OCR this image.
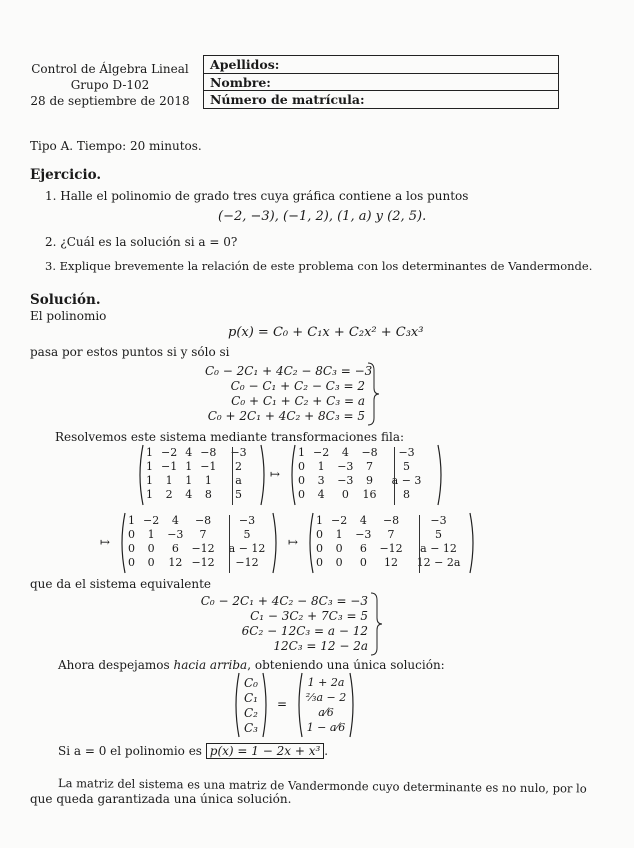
Control de Álgebra Lineal
Grupo D-102
28 de septiembre de 2018
Apellidos:
Nombre:
Número de matrícula:
Tipo A. Tiempo: 20 minutos.
Ejercicio.
1. Halle el polinomio de grado tres cuya gráfica contiene a los puntos
(−2, −3), (−1, 2), (1, a) y (2, 5).
2. ¿Cuál es la solución si a = 0?
3. Explique brevemente la relación de este problema con los determinantes de Vandermonde.
Solución.
El polinomio
p(x) = C₀ + C₁x + C₂x² + C₃x³
pasa por estos puntos si y sólo si
C₀ − 2C₁ + 4C₂ − 8C₃ = −3
C₀ − C₁ + C₂ − C₃ = 2
C₀ + C₁ + C₂ + C₃ = a
C₀ + 2C₁ + 4C₂ + 8C₃ = 5
Resolvemos este sistema mediante transformaciones fila:
1	−2	4	−8	−3
1	−1	1	−1	2
1	1	1	1	a
1	2	4	8	5
↦
1	−2	4	−8	−3
0	1	−3	7	5
0	3	−3	9	a − 3
0	4	0	16	8
↦
1	−2	4	−8	−3
0	1	−3	7	5
0	0	6	−12	a − 12
0	0	12	−12	−12
↦
1	−2	4	−8	−3
0	1	−3	7	5
0	0	6	−12	a − 12
0	0	0	12	12 − 2a
que da el sistema equivalente
C₀ − 2C₁ + 4C₂ − 8C₃ = −3
C₁ − 3C₂ + 7C₃ = 5
6C₂ − 12C₃ = a − 12
12C₃ = 12 − 2a
Ahora despejamos hacia arriba, obteniendo una única solución:
C₀
C₁
C₂
C₃
=
1 + 2a
⅔a − 2
a⁄6
1 − a⁄6
Si a = 0 el polinomio es p(x) = 1 − 2x + x³ .
La matriz del sistema es una matriz de Vandermonde cuyo determinante es no nulo, por lo
que queda garantizada una única solución.
